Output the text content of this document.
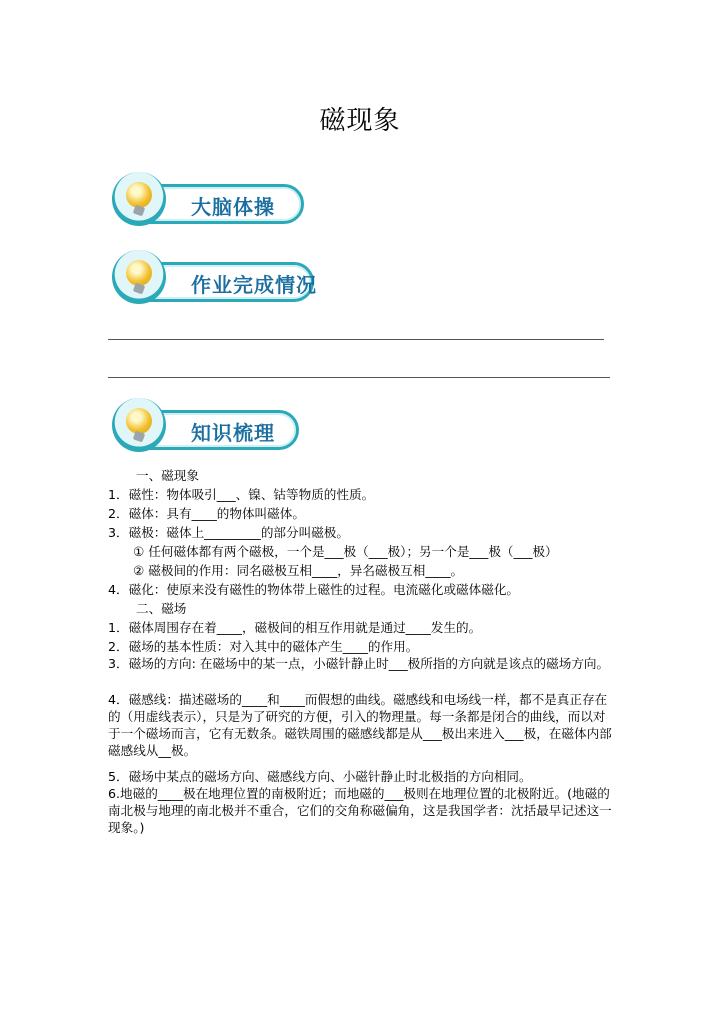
磁现象
大脑体操
作业完成情况
知识梳理
一、磁现象
1．磁性：物体吸引___、镍、钴等物质的性质。
2．磁体：具有____的物体叫磁体。
3．磁极：磁体上_________的部分叫磁极。
① 任何磁体都有两个磁极，一个是___极（___极）；另一个是___极（___极）
② 磁极间的作用：同名磁极互相____，异名磁极互相____。
4．磁化：使原来没有磁性的物体带上磁性的过程。电流磁化或磁体磁化。
二、磁场
1．磁体周围存在着____，磁极间的相互作用就是通过____发生的。
2．磁场的基本性质：对入其中的磁体产生____的作用。
3．磁场的方向: 在磁场中的某一点，小磁针静止时___极所指的方向就是该点的磁场方向。
4．磁感线：描述磁场的____和____而假想的曲线。磁感线和电场线一样，都不是真正存在的（用虚线表示），只是为了研究的方便，引入的物理量。每一条都是闭合的曲线，而以对于一个磁场而言，它有无数条。磁铁周围的磁感线都是从___极出来进入___极，在磁体内部磁感线从__极。
5．磁场中某点的磁场方向、磁感线方向、小磁针静止时北极指的方向相同。
6.地磁的____极在地理位置的南极附近；而地磁的___极则在地理位置的北极附近。(地磁的南北极与地理的南北极并不重合，它们的交角称磁偏角，这是我国学者：沈括最早记述这一现象。)
